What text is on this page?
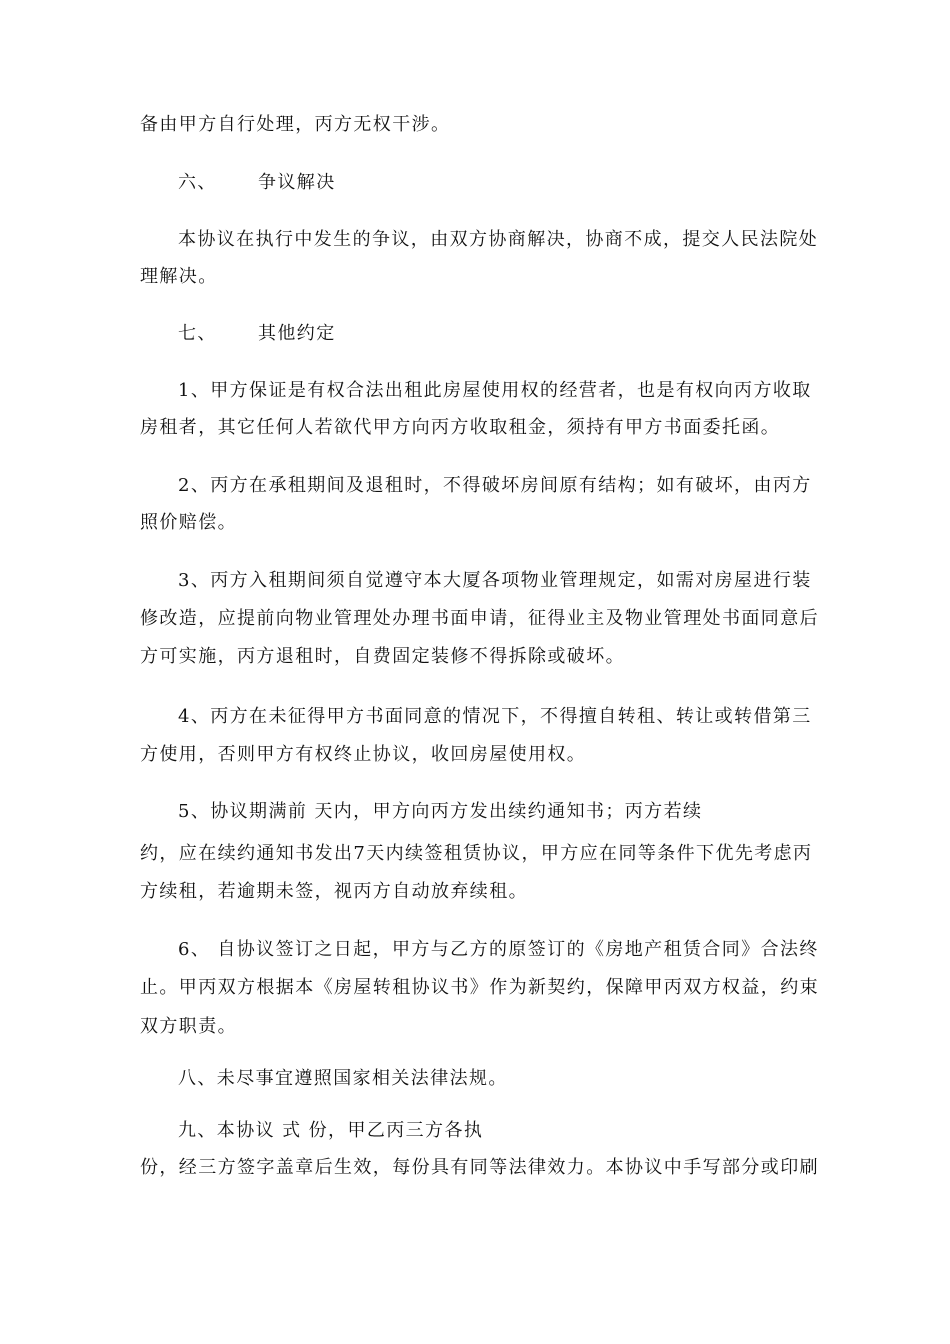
备由甲方自行处理，丙方无权干涉。
六、 争议解决
本协议在执行中发生的争议，由双方协商解决，协商不成，提交人民法院处
理解决。
七、 其他约定
1、甲方保证是有权合法出租此房屋使用权的经营者，也是有权向丙方收取
房租者，其它任何人若欲代甲方向丙方收取租金，须持有甲方书面委托函。
2、丙方在承租期间及退租时，不得破坏房间原有结构；如有破坏，由丙方
照价赔偿。
3、丙方入租期间须自觉遵守本大厦各项物业管理规定，如需对房屋进行装
修改造，应提前向物业管理处办理书面申请，征得业主及物业管理处书面同意后
方可实施，丙方退租时，自费固定装修不得拆除或破坏。
4、丙方在未征得甲方书面同意的情况下，不得擅自转租、转让或转借第三
方使用，否则甲方有权终止协议，收回房屋使用权。
5、协议期满前 天内，甲方向丙方发出续约通知书；丙方若续
约，应在续约通知书发出7天内续签租赁协议，甲方应在同等条件下优先考虑丙
方续租，若逾期未签，视丙方自动放弃续租。
6、 自协议签订之日起，甲方与乙方的原签订的《房地产租赁合同》合法终
止。甲丙双方根据本《房屋转租协议书》作为新契约，保障甲丙双方权益，约束
双方职责。
八、未尽事宜遵照国家相关法律法规。
九、本协议 式 份，甲乙丙三方各执
份，经三方签字盖章后生效，每份具有同等法律效力。本协议中手写部分或印刷
